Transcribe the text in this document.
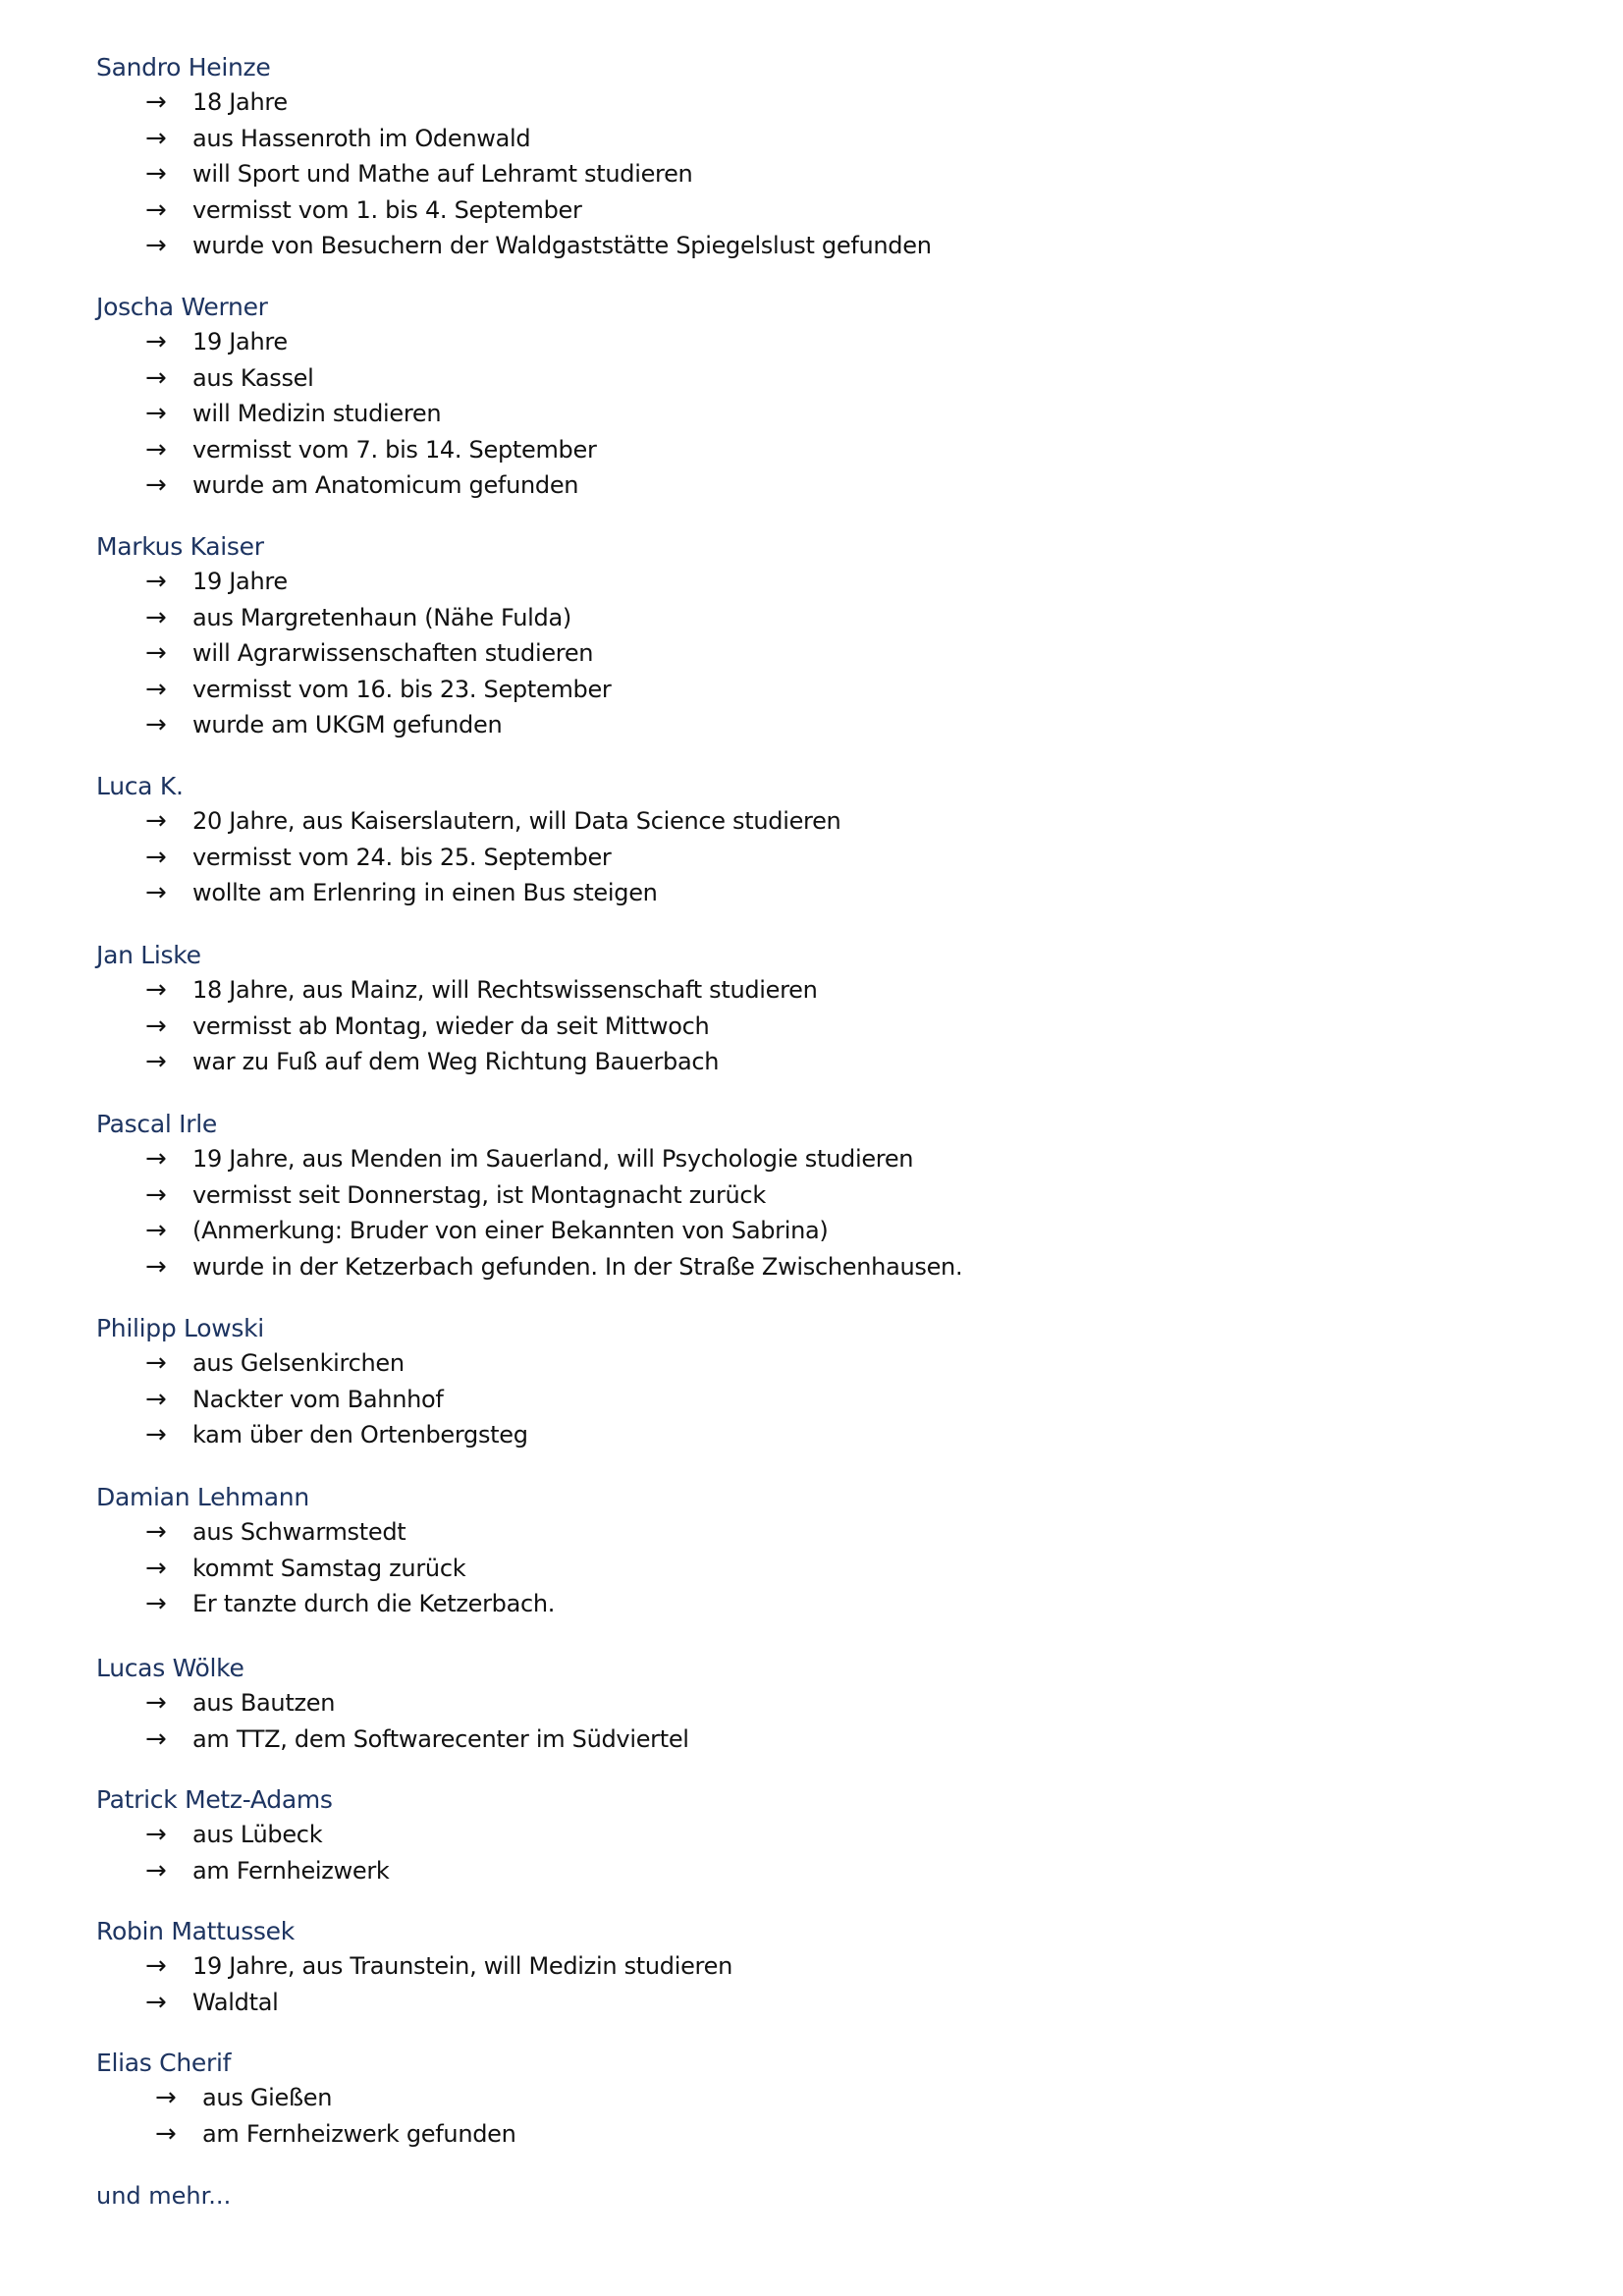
Sandro Heinze
→ 18 Jahre
→ aus Hassenroth im Odenwald
→ will Sport und Mathe auf Lehramt studieren
→ vermisst vom 1. bis 4. September
→ wurde von Besuchern der Waldgaststätte Spiegelslust gefunden
Joscha Werner
→ 19 Jahre
→ aus Kassel
→ will Medizin studieren
→ vermisst vom 7. bis 14. September
→ wurde am Anatomicum gefunden
Markus Kaiser
→ 19 Jahre
→ aus Margretenhaun (Nähe Fulda)
→ will Agrarwissenschaften studieren
→ vermisst vom 16. bis 23. September
→ wurde am UKGM gefunden
Luca K.
→ 20 Jahre, aus Kaiserslautern, will Data Science studieren
→ vermisst vom 24. bis 25. September
→ wollte am Erlenring in einen Bus steigen
Jan Liske
→ 18 Jahre, aus Mainz, will Rechtswissenschaft studieren
→ vermisst ab Montag, wieder da seit Mittwoch
→ war zu Fuß auf dem Weg Richtung Bauerbach
Pascal Irle
→ 19 Jahre, aus Menden im Sauerland, will Psychologie studieren
→ vermisst seit Donnerstag, ist Montagnacht zurück
→ (Anmerkung: Bruder von einer Bekannten von Sabrina)
→ wurde in der Ketzerbach gefunden. In der Straße Zwischenhausen.
Philipp Lowski
→ aus Gelsenkirchen
→ Nackter vom Bahnhof
→ kam über den Ortenbergsteg
Damian Lehmann
→ aus Schwarmstedt
→ kommt Samstag zurück
→ Er tanzte durch die Ketzerbach.
Lucas Wölke
→ aus Bautzen
→ am TTZ, dem Softwarecenter im Südviertel
Patrick Metz-Adams
→ aus Lübeck
→ am Fernheizwerk
Robin Mattussek
→ 19 Jahre, aus Traunstein, will Medizin studieren
→ Waldtal
Elias Cherif
→ aus Gießen
→ am Fernheizwerk gefunden
und mehr...
